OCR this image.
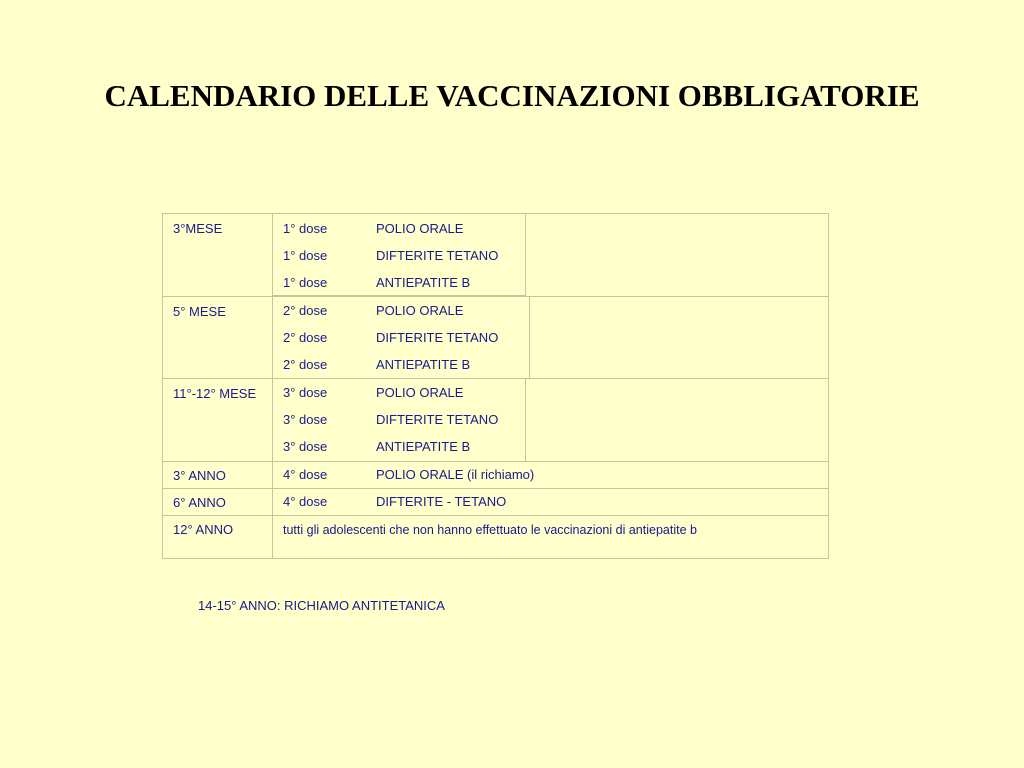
CALENDARIO DELLE VACCINAZIONI OBBLIGATORIE
3°MESE	1° dose	POLIO ORALE
1° dose	DIFTERITE TETANO
1° dose	ANTIEPATITE B
5° MESE	2° dose	POLIO ORALE
2° dose	DIFTERITE TETANO
2° dose	ANTIEPATITE B
11°-12° MESE	3° dose	POLIO ORALE
3° dose	DIFTERITE TETANO
3° dose	ANTIEPATITE B
3° ANNO	4° dose	POLIO ORALE (il richiamo)
6° ANNO	4° dose	DIFTERITE - TETANO
12° ANNO	tutti gli adolescenti che non hanno effettuato le vaccinazioni di antiepatite b
14-15° ANNO: RICHIAMO ANTITETANICA
